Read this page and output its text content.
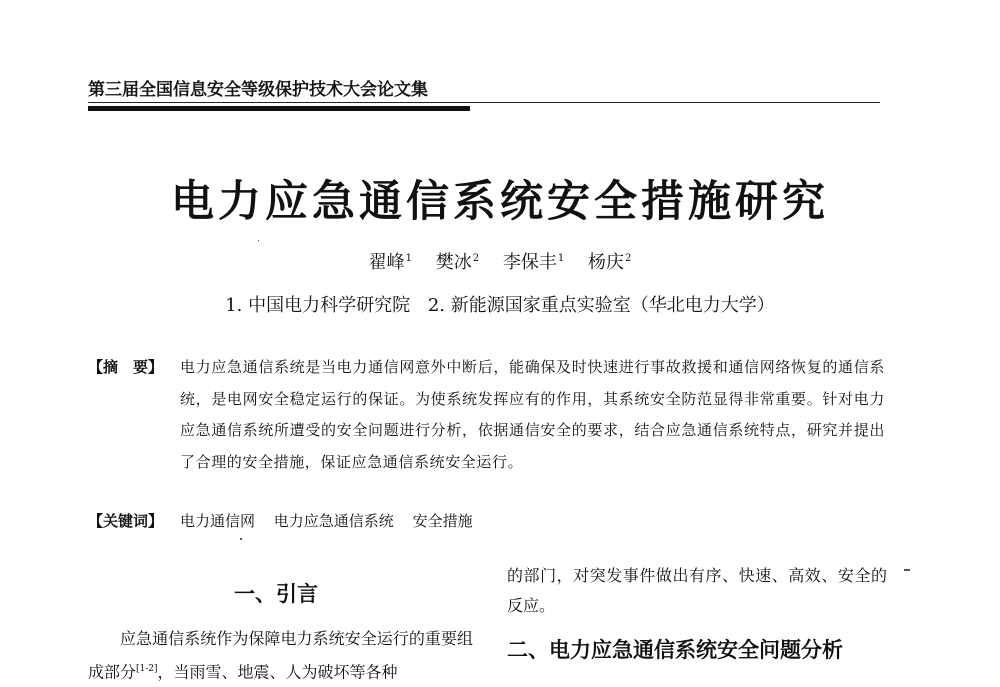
第三届全国信息安全等级保护技术大会论文集
电力应急通信系统安全措施研究
翟峰$^1$ 樊冰$^2$ 李保丰$^1$ 杨庆$^2$
1. 中国电力科学研究院 2. 新能源国家重点实验室（华北电力大学）
【摘　要】 电力应急通信系统是当电力通信网意外中断后，能确保及时快速进行事故救援和通信网络恢复的通信系统，是电网安全稳定运行的保证。为使系统发挥应有的作用，其系统安全防范显得非常重要。针对电力应急通信系统所遭受的安全问题进行分析，依据通信安全的要求，结合应急通信系统特点，研究并提出了合理的安全措施，保证应急通信系统安全运行。
【关键词】 电力通信网 电力应急通信系统 安全措施
一、引言
应急通信系统作为保障电力系统安全运行的重要组成部分[1-2]，当雨雪、地震、人为破坏等各种
的部门，对突发事件做出有序、快速、高效、安全的反应。
二、电力应急通信系统安全问题分析
